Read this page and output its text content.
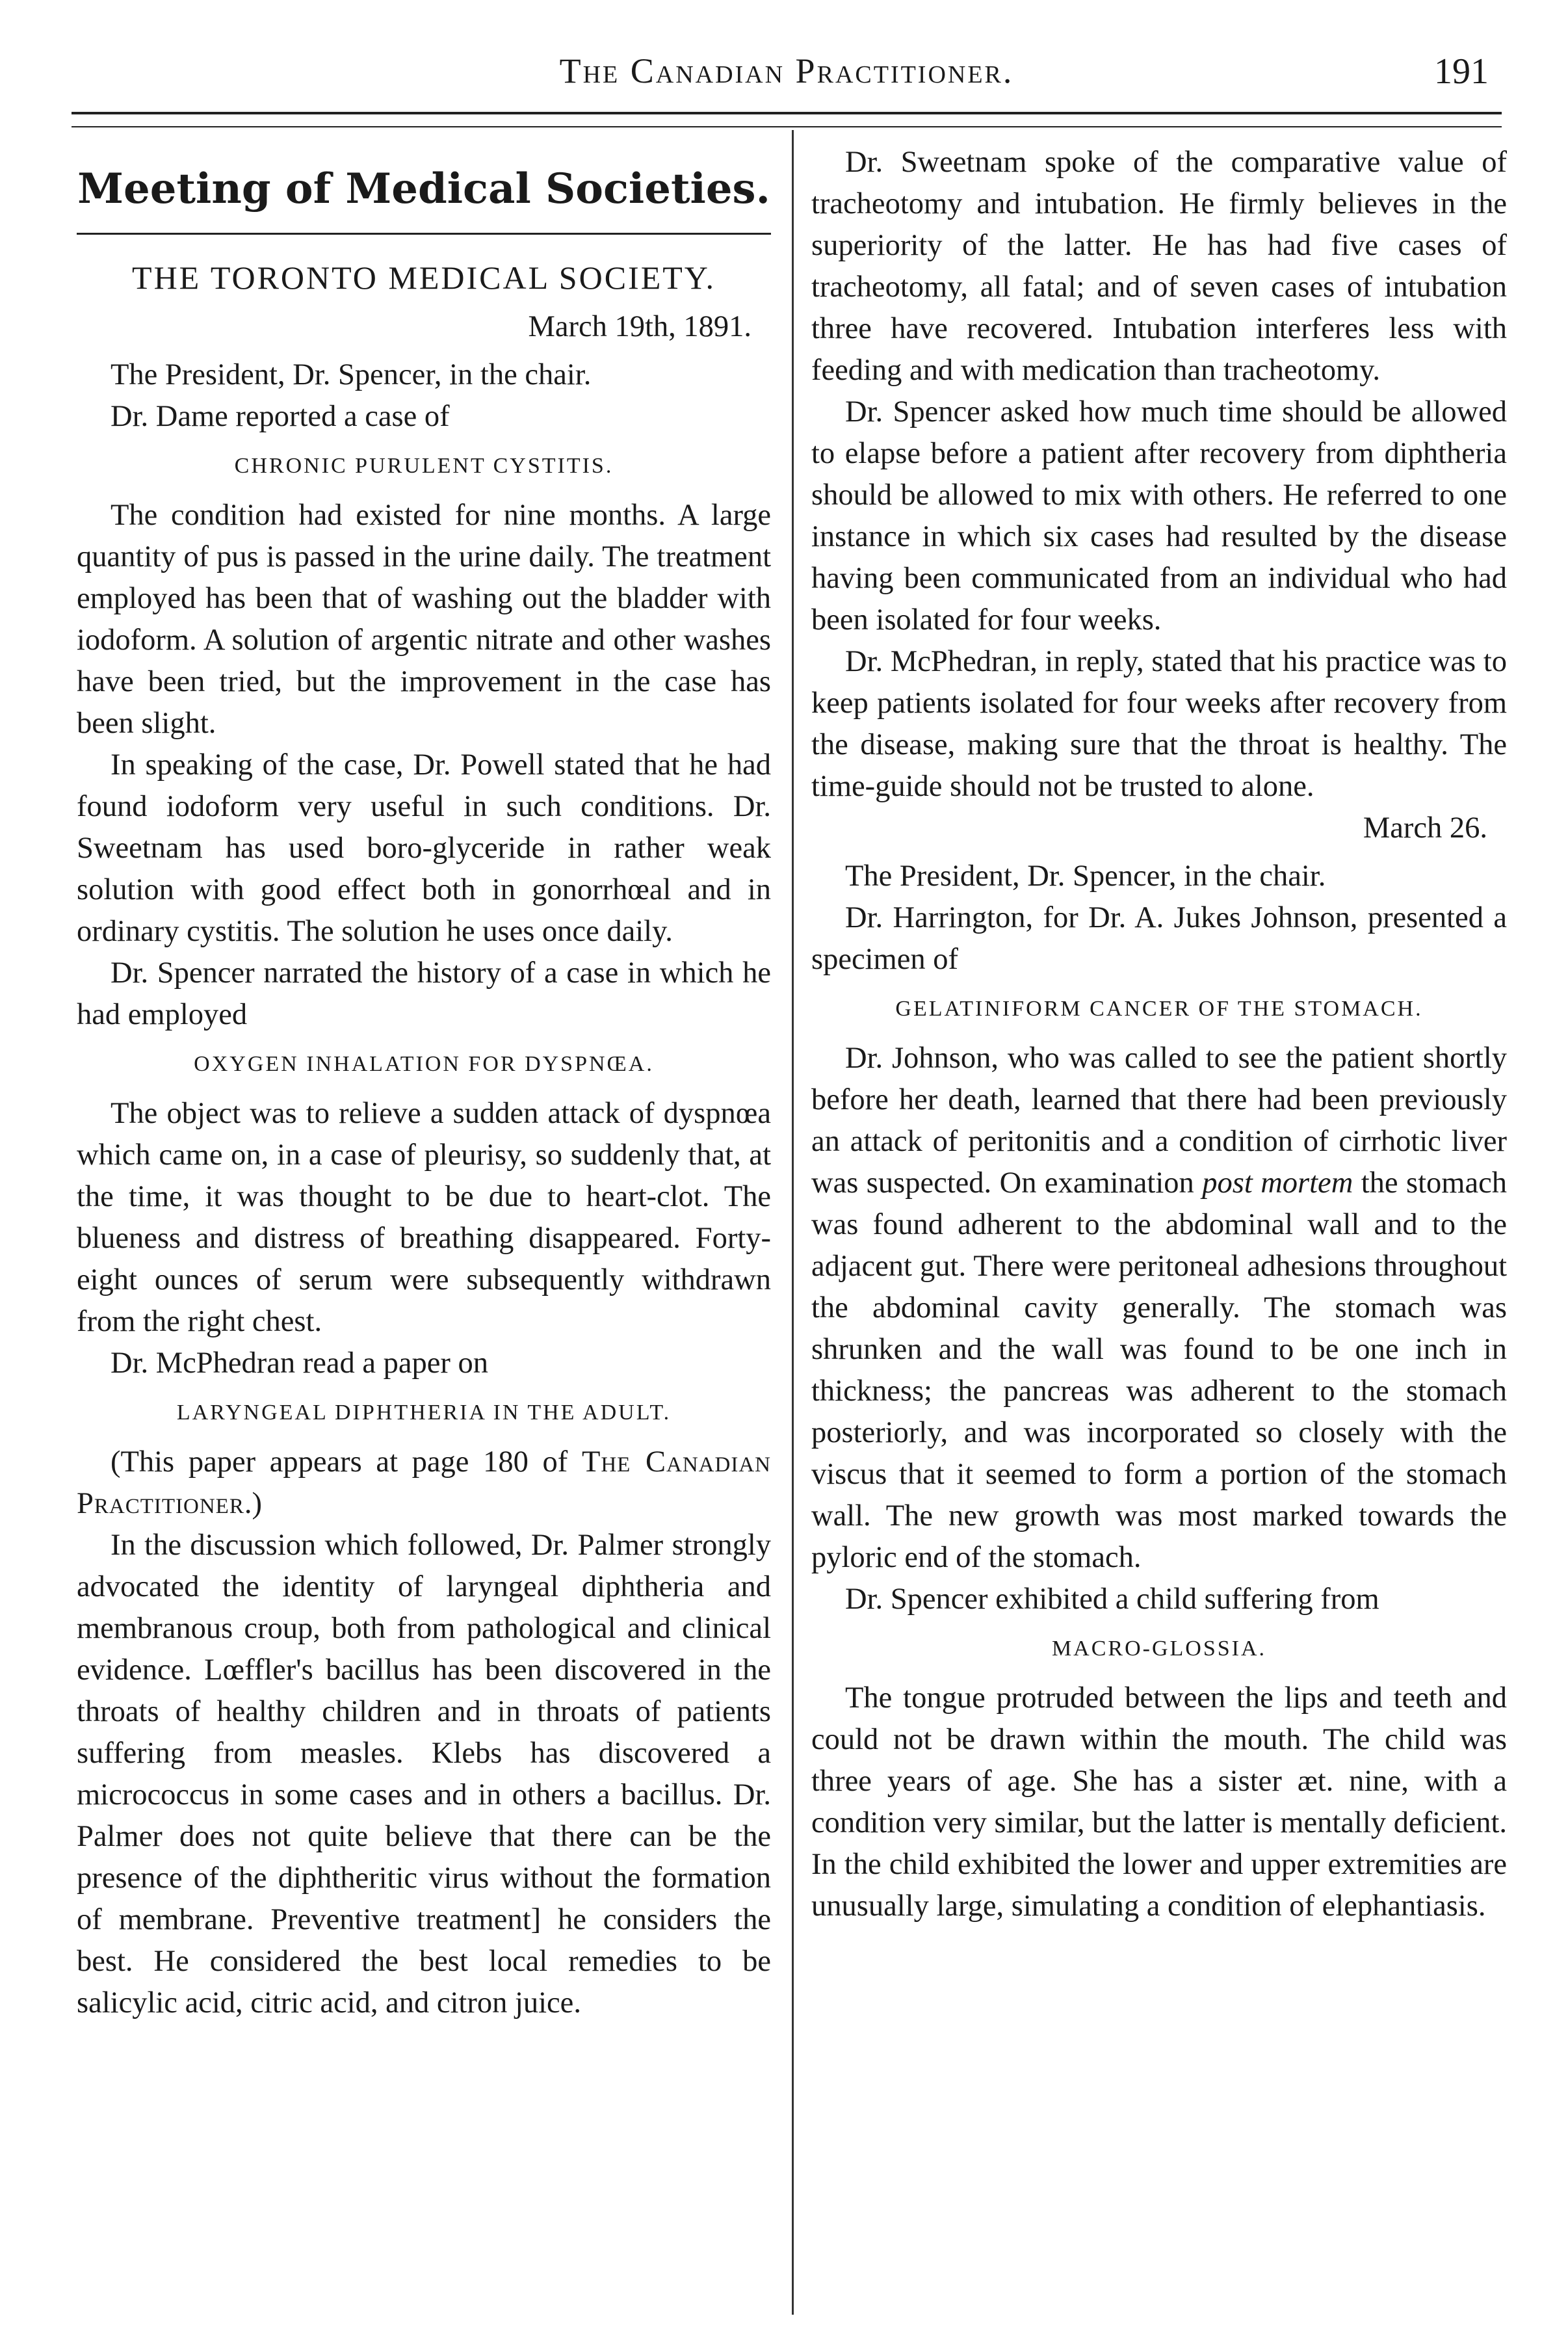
The Canadian Practitioner.	191
Meeting of Medical Societies.
THE TORONTO MEDICAL SOCIETY.
March 19th, 1891.

The President, Dr. Spencer, in the chair.

Dr. Dame reported a case of

CHRONIC PURULENT CYSTITIS.

The condition had existed for nine months. A large quantity of pus is passed in the urine daily. The treatment employed has been that of washing out the bladder with iodoform. A solution of argentic nitrate and other washes have been tried, but the improvement in the case has been slight.

In speaking of the case, Dr. Powell stated that he had found iodoform very useful in such conditions. Dr. Sweetnam has used boro-glyceride in rather weak solution with good effect both in gonorrhœal and in ordinary cystitis. The solution he uses once daily.

Dr. Spencer narrated the history of a case in which he had employed

OXYGEN INHALATION FOR DYSPNŒA.

The object was to relieve a sudden attack of dyspnœa which came on, in a case of pleurisy, so suddenly that, at the time, it was thought to be due to heart-clot. The blueness and distress of breathing disappeared. Forty-eight ounces of serum were subsequently withdrawn from the right chest.

Dr. McPhedran read a paper on

LARYNGEAL DIPHTHERIA IN THE ADULT.

(This paper appears at page 180 of The Canadian Practitioner.)

In the discussion which followed, Dr. Palmer strongly advocated the identity of laryngeal diphtheria and membranous croup, both from pathological and clinical evidence. Lœffler's bacillus has been discovered in the throats of healthy children and in throats of patients suffering from measles. Klebs has discovered a micrococcus in some cases and in others a bacillus. Dr. Palmer does not quite believe that there can be the presence of the diphtheritic virus without the formation of membrane. Preventive treatment] he considers the best. He considered the best local remedies to be salicylic acid, citric acid, and citron juice.

Dr. Sweetnam spoke of the comparative value of tracheotomy and intubation. He firmly believes in the superiority of the latter. He has had five cases of tracheotomy, all fatal; and of seven cases of intubation three have recovered. Intubation interferes less with feeding and with medication than tracheotomy.

Dr. Spencer asked how much time should be allowed to elapse before a patient after recovery from diphtheria should be allowed to mix with others. He referred to one instance in which six cases had resulted by the disease having been communicated from an individual who had been isolated for four weeks.

Dr. McPhedran, in reply, stated that his practice was to keep patients isolated for four weeks after recovery from the disease, making sure that the throat is healthy. The time-guide should not be trusted to alone.

March 26.

The President, Dr. Spencer, in the chair.

Dr. Harrington, for Dr. A. Jukes Johnson, presented a specimen of

GELATINIFORM CANCER OF THE STOMACH.

Dr. Johnson, who was called to see the patient shortly before her death, learned that there had been previously an attack of peritonitis and a condition of cirrhotic liver was suspected. On examination post mortem the stomach was found adherent to the abdominal wall and to the adjacent gut. There were peritoneal adhesions throughout the abdominal cavity generally. The stomach was shrunken and the wall was found to be one inch in thickness; the pancreas was adherent to the stomach posteriorly, and was incorporated so closely with the viscus that it seemed to form a portion of the stomach wall. The new growth was most marked towards the pyloric end of the stomach.

Dr. Spencer exhibited a child suffering from

MACRO-GLOSSIA.

The tongue protruded between the lips and teeth and could not be drawn within the mouth. The child was three years of age. She has a sister æt. nine, with a condition very similar, but the latter is mentally deficient. In the child exhibited the lower and upper extremities are unusually large, simulating a condition of elephantiasis.
